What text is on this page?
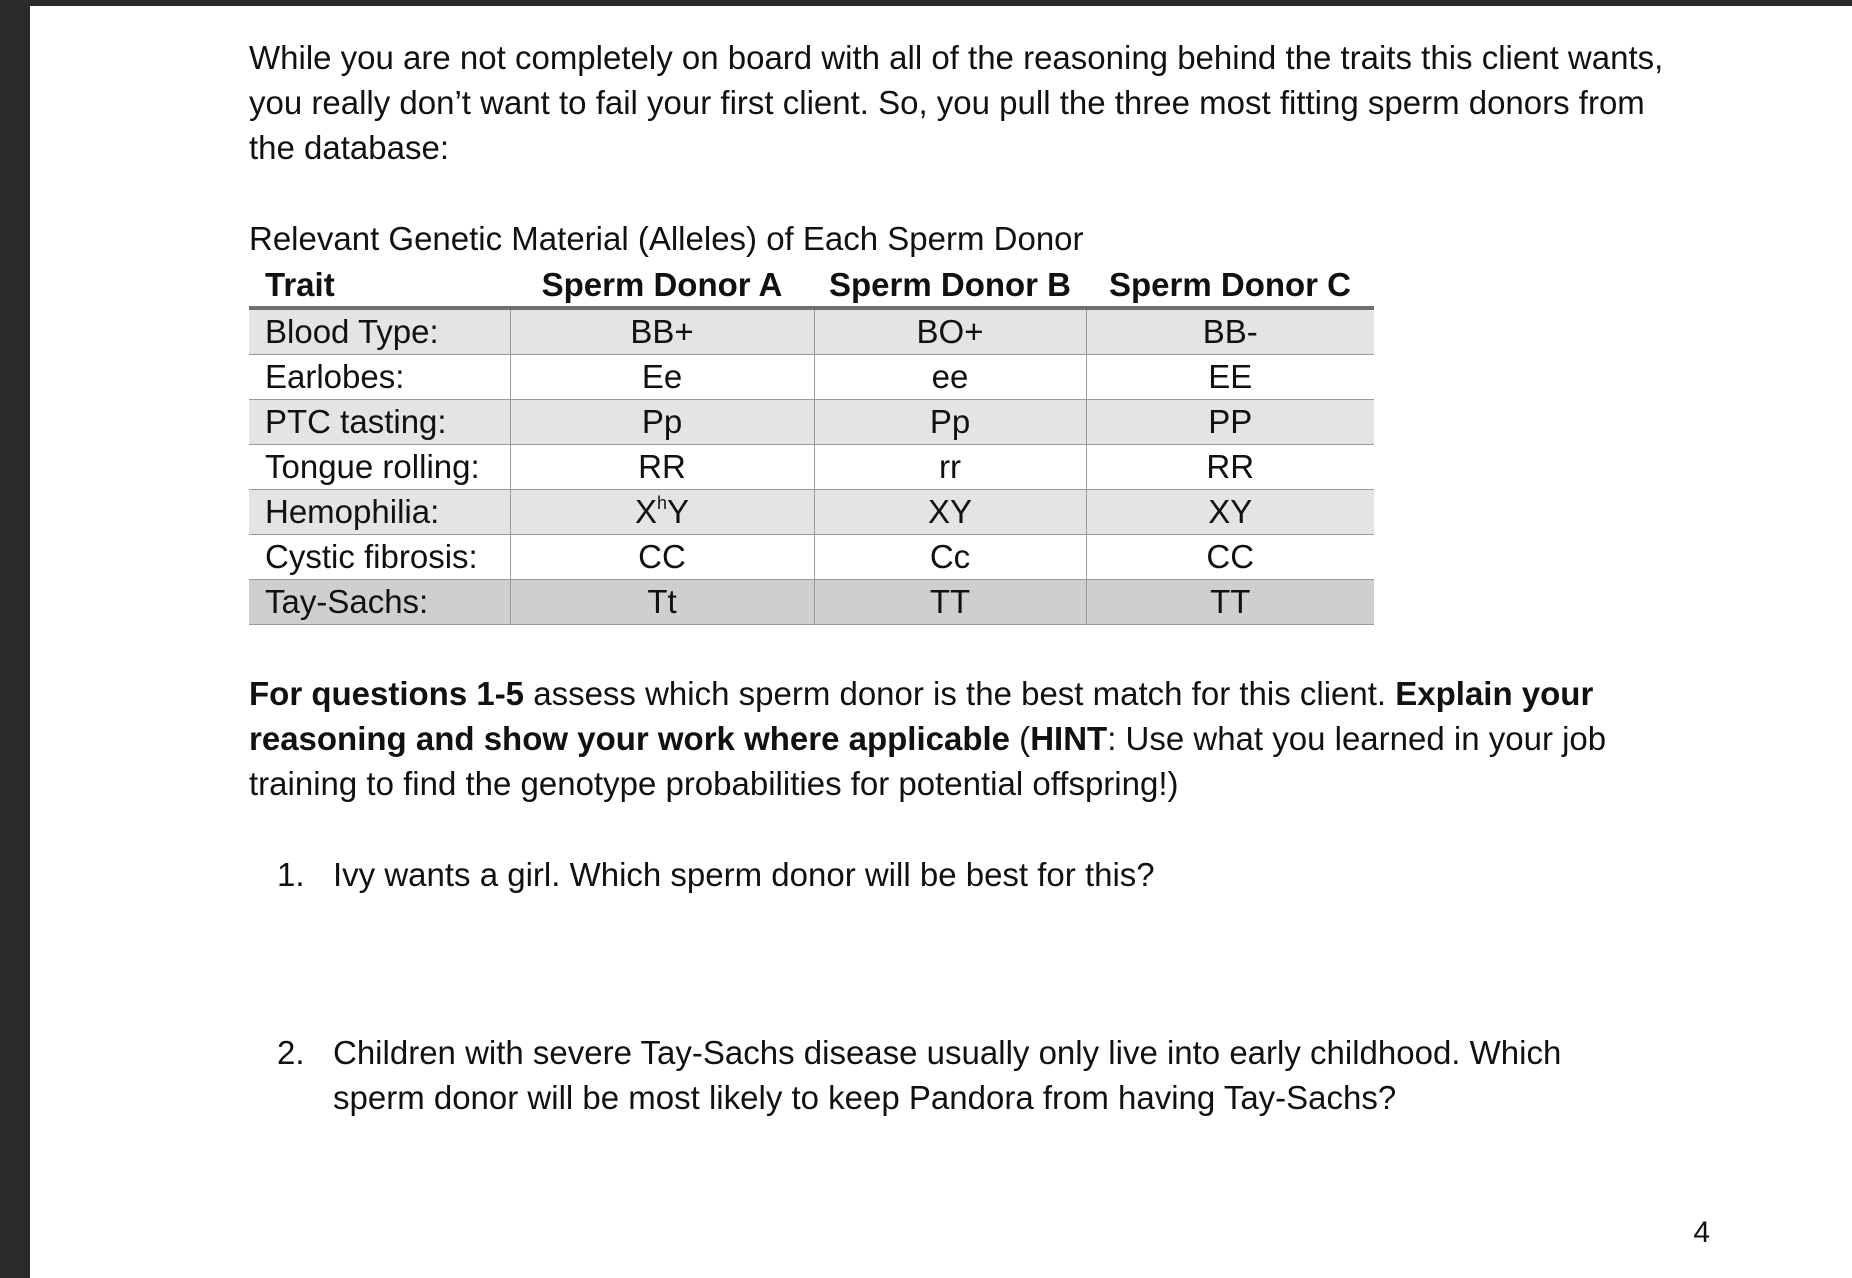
While you are not completely on board with all of the reasoning behind the traits this client wants, you really don’t want to fail your first client. So, you pull the three most fitting sperm donors from the database:

Relevant Genetic Material (Alleles) of Each Sperm Donor

Trait	Sperm Donor A	Sperm Donor B	Sperm Donor C
Blood Type:	BB+	BO+	BB-
Earlobes:	Ee	ee	EE
PTC tasting:	Pp	Pp	PP
Tongue rolling:	RR	rr	RR
Hemophilia:	$X^hY$	XY	XY
Cystic fibrosis:	CC	Cc	CC
Tay-Sachs:	Tt	TT	TT

For questions 1-5 assess which sperm donor is the best match for this client. Explain your reasoning and show your work where applicable (HINT: Use what you learned in your job training to find the genotype probabilities for potential offspring!)

1. Ivy wants a girl. Which sperm donor will be best for this?

2. Children with severe Tay-Sachs disease usually only live into early childhood. Which sperm donor will be most likely to keep Pandora from having Tay-Sachs?

4
